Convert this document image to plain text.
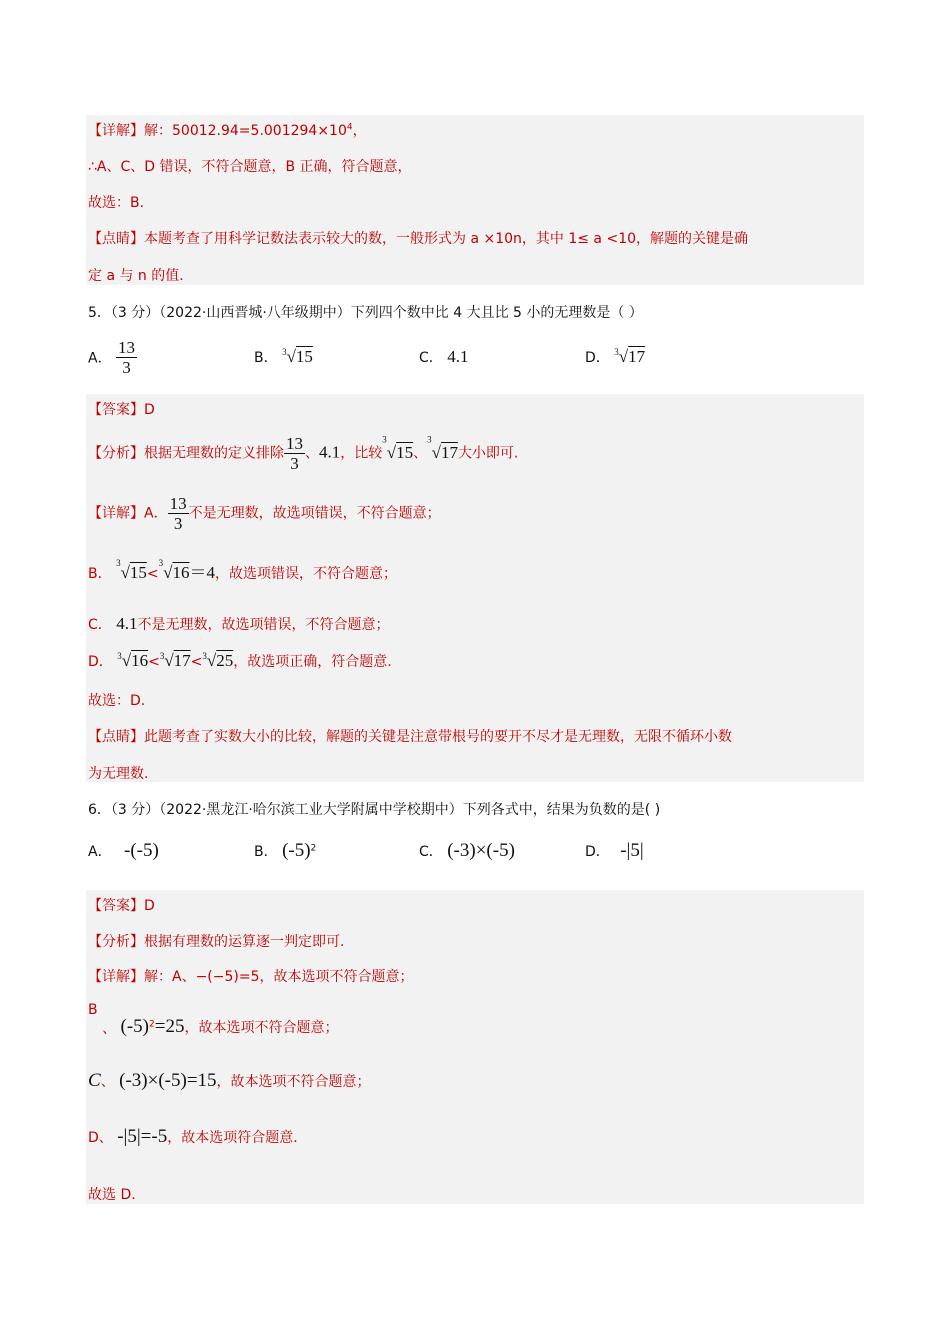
【详解】解：$50012.94=5.001294\times 10^4$，
∴A、C、D 错误，不符合题意，B 正确，符合题意，
故选：B.
【点睛】本题考查了用科学记数法表示较大的数，一般形式为 a ×10n，其中 1≤ a <10，解题的关键是确
定 a 与 n 的值.
5．（3 分）（2022·山西晋城·八年级期中）下列四个数中比 4 大且比 5 小的无理数是（ ）
A． $\frac{13}{3}$	B． $^3$√15	C． 4.1	D． $^3$√17
【答案】D
【分析】根据无理数的定义排除 $\frac{13}{3}$ 、4.1，比较$^3$√15、$^3$√17大小即可.
【详解】A． $\frac{13}{3}$ 不是无理数，故选项错误，不符合题意；
B． $^3$√15<$^3$√16＝4，故选项错误，不符合题意；
C． 4.1不是无理数，故选项错误，不符合题意；
D． $^3$√16<$^3$√17<$^3$√25，故选项正确，符合题意.
故选：D.
【点睛】此题考查了实数大小的比较，解题的关键是注意带根号的要开不尽才是无理数，无限不循环小数
为无理数.
6．（3 分）（2022·黑龙江·哈尔滨工业大学附属中学校期中）下列各式中，结果为负数的是( )
A． -(-5)	B． $(-5)^2$	C． (-3)×(-5)	D． -|5|
【答案】D
【分析】根据有理数的运算逐一判定即可.
【详解】解：A、−(−5)=5，故本选项不符合题意；
B 、 $(-5)^2=25$，故本选项不符合题意；
C、 (-3)×(-5)=15，故本选项不符合题意；
D、 -|5|=-5，故本选项符合题意.
故选 D.
